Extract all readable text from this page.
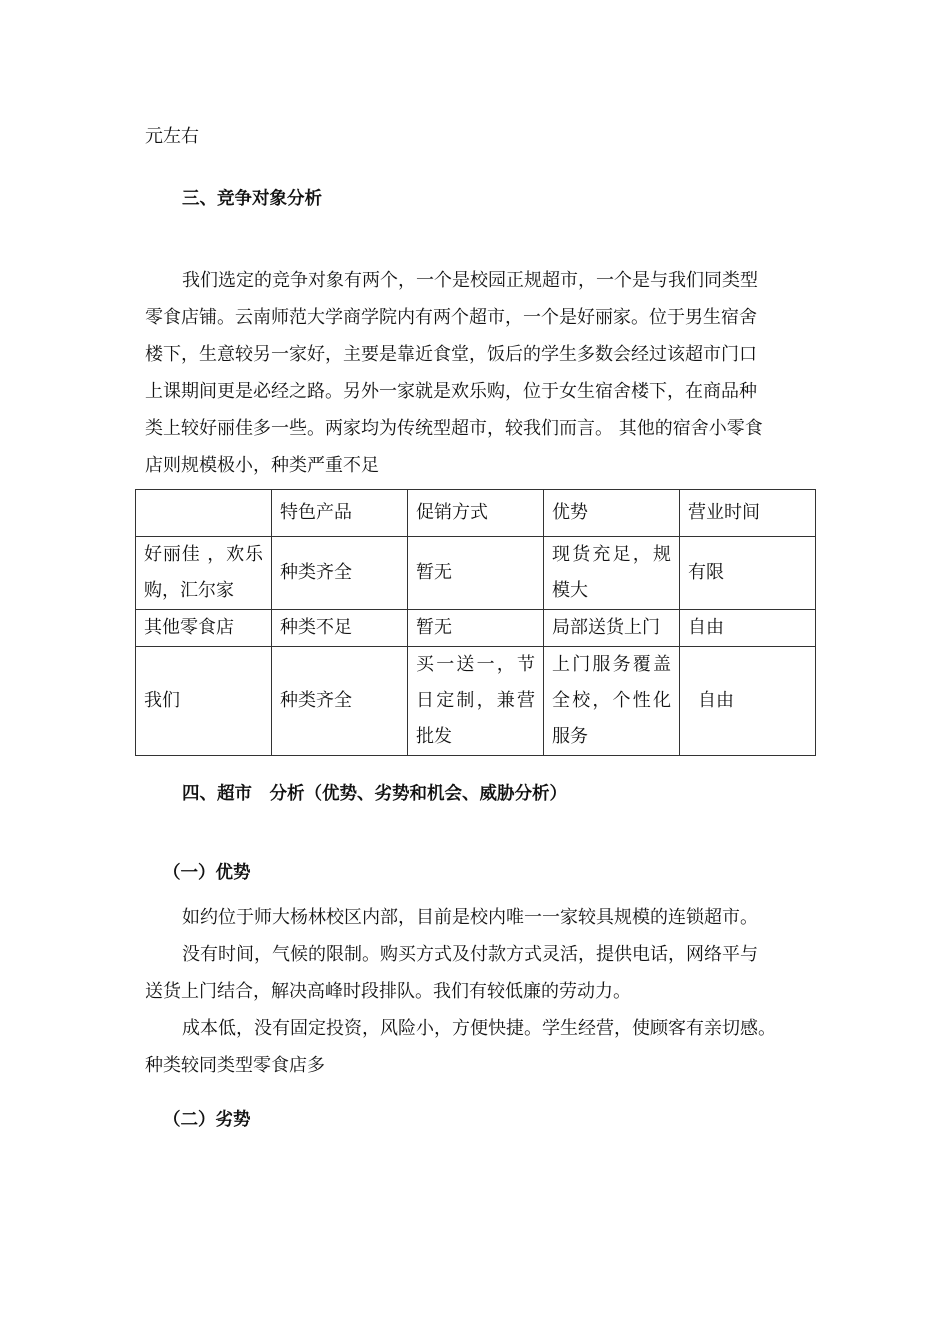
元左右
三、竞争对象分析
我们选定的竞争对象有两个，一个是校园正规超市，一个是与我们同类型
零食店铺。云南师范大学商学院内有两个超市，一个是好丽家。位于男生宿舍
楼下，生意较另一家好，主要是靠近食堂，饭后的学生多数会经过该超市门口
上课期间更是必经之路。另外一家就是欢乐购，位于女生宿舍楼下，在商品种
类上较好丽佳多一些。两家均为传统型超市，较我们而言。 其他的宿舍小零食
店则规模极小，种类严重不足
	特色产品	促销方式	优势	营业时间
好丽佳 ，欢乐购，汇尔家	种类齐全	暂无	现货充足，规模大	有限
其他零食店	种类不足	暂无	局部送货上门	自由
我们	种类齐全	买一送一，节日定制，兼营批发	上门服务覆盖全校，个性化服务	自由
四、超市　分析（优势、劣势和机会、威胁分析）
（一）优势
如约位于师大杨林校区内部，目前是校内唯一一家较具规模的连锁超市。
没有时间，气候的限制。购买方式及付款方式灵活，提供电话，网络平与
送货上门结合，解决高峰时段排队。我们有较低廉的劳动力。
成本低，没有固定投资，风险小，方便快捷。学生经营，使顾客有亲切感。
种类较同类型零食店多
（二）劣势
